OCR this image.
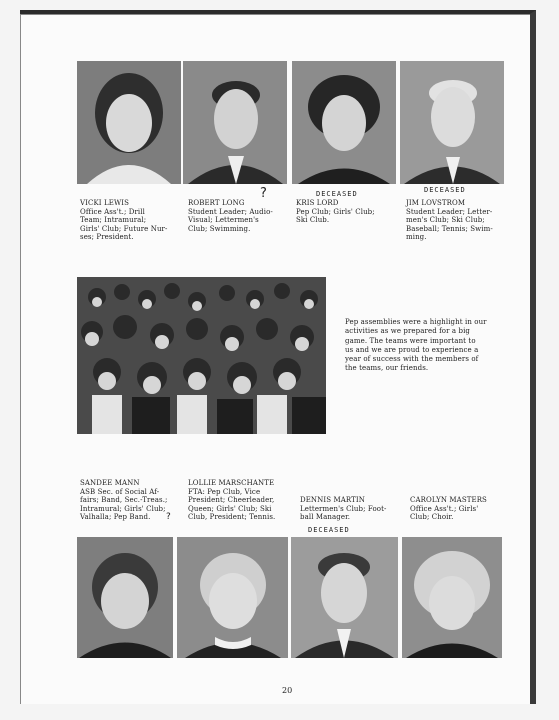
VICKI LEWIS
Office Ass't.; Drill
Team; Intramural;
Girls' Club; Future Nur-
ses; President.
ROBERT LONG
Student Leader; Audio-
Visual; Lettermen's
Club; Swimming.
KRIS LORD
Pep Club; Girls' Club;
Ski Club.
JIM LOVSTROM
Student Leader; Letter-
men's Club; Ski Club;
Baseball; Tennis; Swim-
ming.
?	DECEASED	DECEASED
Pep assemblies were a highlight in our
activities as we prepared for a big
game. The teams were important to
us and we are proud to experience a
year of success with the members of
the teams, our friends.
SANDEE MANN
ASB Sec. of Social Af-
fairs; Band, Sec.-Treas.;
Intramural; Girls' Club;
Valhalla; Pep Band.
LOLLIE MARSCHANTE
FTA: Pep Club, Vice
President; Cheerleader,
Queen; Girls' Club; Ski
Club, President; Tennis.
DENNIS MARTIN
Lettermen's Club; Foot-
ball Manager.
CAROLYN MASTERS
Office Ass't.; Girls'
Club; Choir.
?
DECEASED
20
